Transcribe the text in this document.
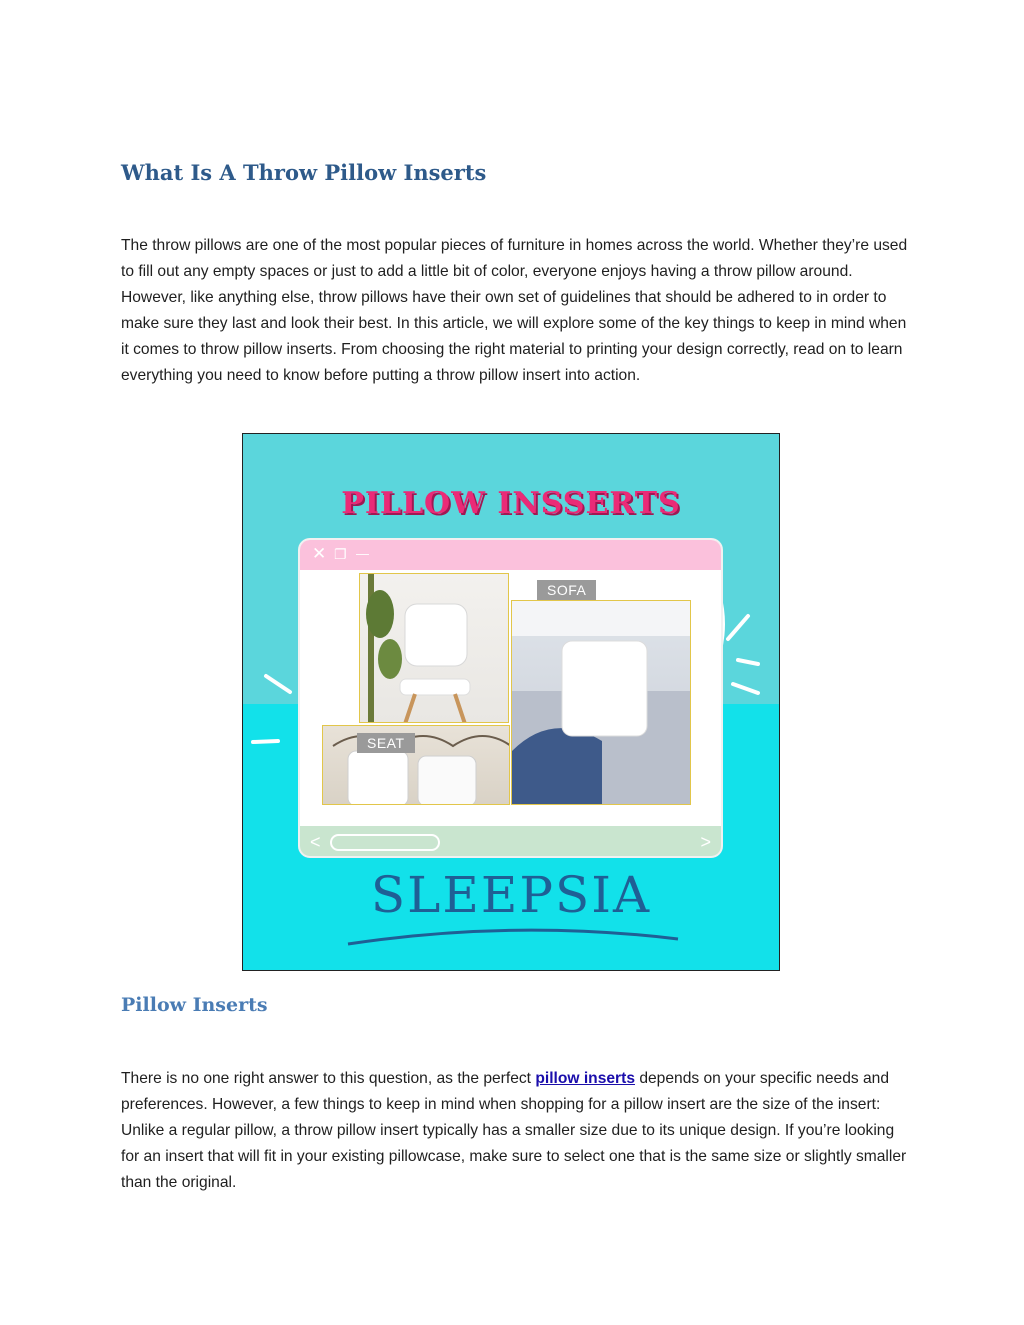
What Is A Throw Pillow Inserts

The throw pillows are one of the most popular pieces of furniture in homes across the world. Whether they’re used to fill out any empty spaces or just to add a little bit of color, everyone enjoys having a throw pillow around. However, like anything else, throw pillows have their own set of guidelines that should be adhered to in order to make sure they last and look their best. In this article, we will explore some of the key things to keep in mind when it comes to throw pillow inserts. From choosing the right material to printing your design correctly, read on to learn everything you need to know before putting a throw pillow insert into action.

PILLOW INSSERTS
✕ ❐ —
SOFA
SEAT
<	>
SLEEPSIA
Pillow Inserts

There is no one right answer to this question, as the perfect pillow inserts depends on your specific needs and preferences. However, a few things to keep in mind when shopping for a pillow insert are the size of the insert: Unlike a regular pillow, a throw pillow insert typically has a smaller size due to its unique design. If you’re looking for an insert that will fit in your existing pillowcase, make sure to select one that is the same size or slightly smaller than the original.
